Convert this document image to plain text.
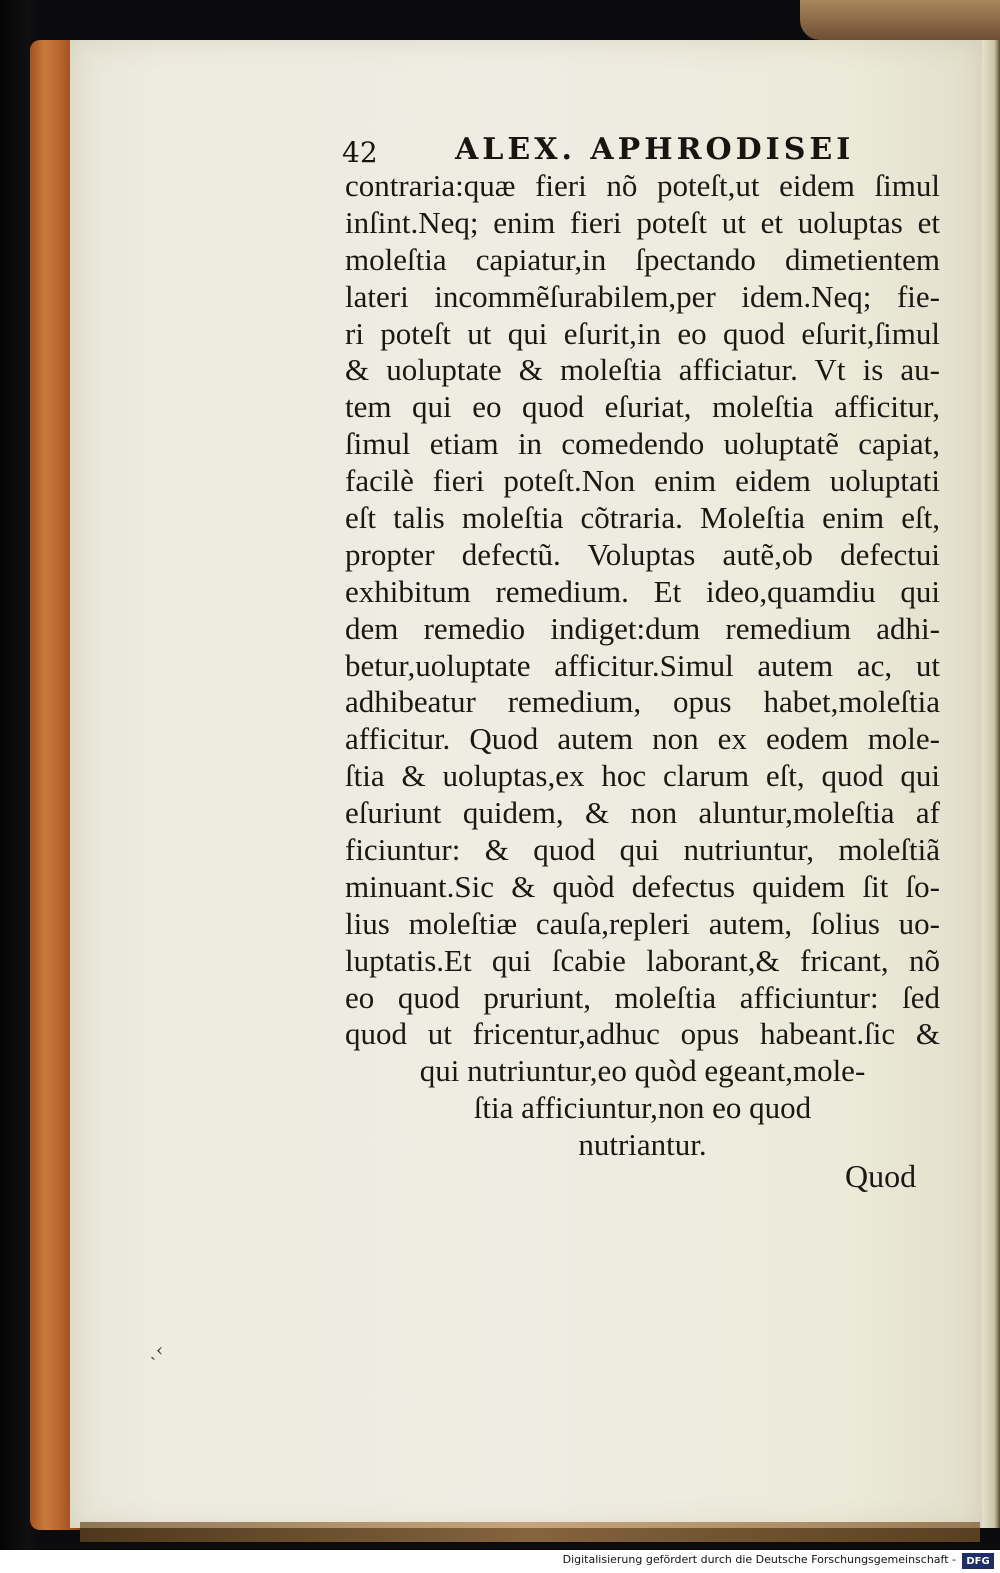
42	ALEX. APHRODISEI
contraria:quæ fieri nõ poteſt,ut eidem ſimul
inſint.Neq; enim fieri poteſt ut et uoluptas et
moleſtia capiatur,in ſpectando dimetientem
lateri incommẽſurabilem,per idem.Neq; fie-
ri poteſt ut qui eſurit,in eo quod eſurit,ſimul
& uoluptate & moleſtia afficiatur. Vt is au-
tem qui eo quod eſuriat, moleſtia afficitur,
ſimul etiam in comedendo uoluptatẽ capiat,
facilè fieri poteſt.Non enim eidem uoluptati
eſt talis moleſtia cõtraria. Moleſtia enim eſt,
propter defectũ. Voluptas autẽ,ob defectui
exhibitum remedium. Et ideo,quamdiu qui
dem remedio indiget:dum remedium adhi-
betur,uoluptate afficitur.Simul autem ac, ut
adhibeatur remedium, opus habet,moleſtia
afficitur. Quod autem non ex eodem mole-
ſtia & uoluptas,ex hoc clarum eſt, quod qui
eſuriunt quidem, & non aluntur,moleſtia af
ficiuntur: & quod qui nutriuntur, moleſtiã
minuant.Sic & quòd defectus quidem ſit ſo-
lius moleſtiæ cauſa,repleri autem, ſolius uo-
luptatis.Et qui ſcabie laborant,& fricant, nõ
eo quod pruriunt, moleſtia afficiuntur: ſed
quod ut fricentur,adhuc opus habeant.ſic &
qui nutriuntur,eo quòd egeant,mole-
ſtia afficiuntur,non eo quod
nutriantur.
Quod
ˏ‹
Digitalisierung gefördert durch die Deutsche Forschungsgemeinschaft -	DFG
